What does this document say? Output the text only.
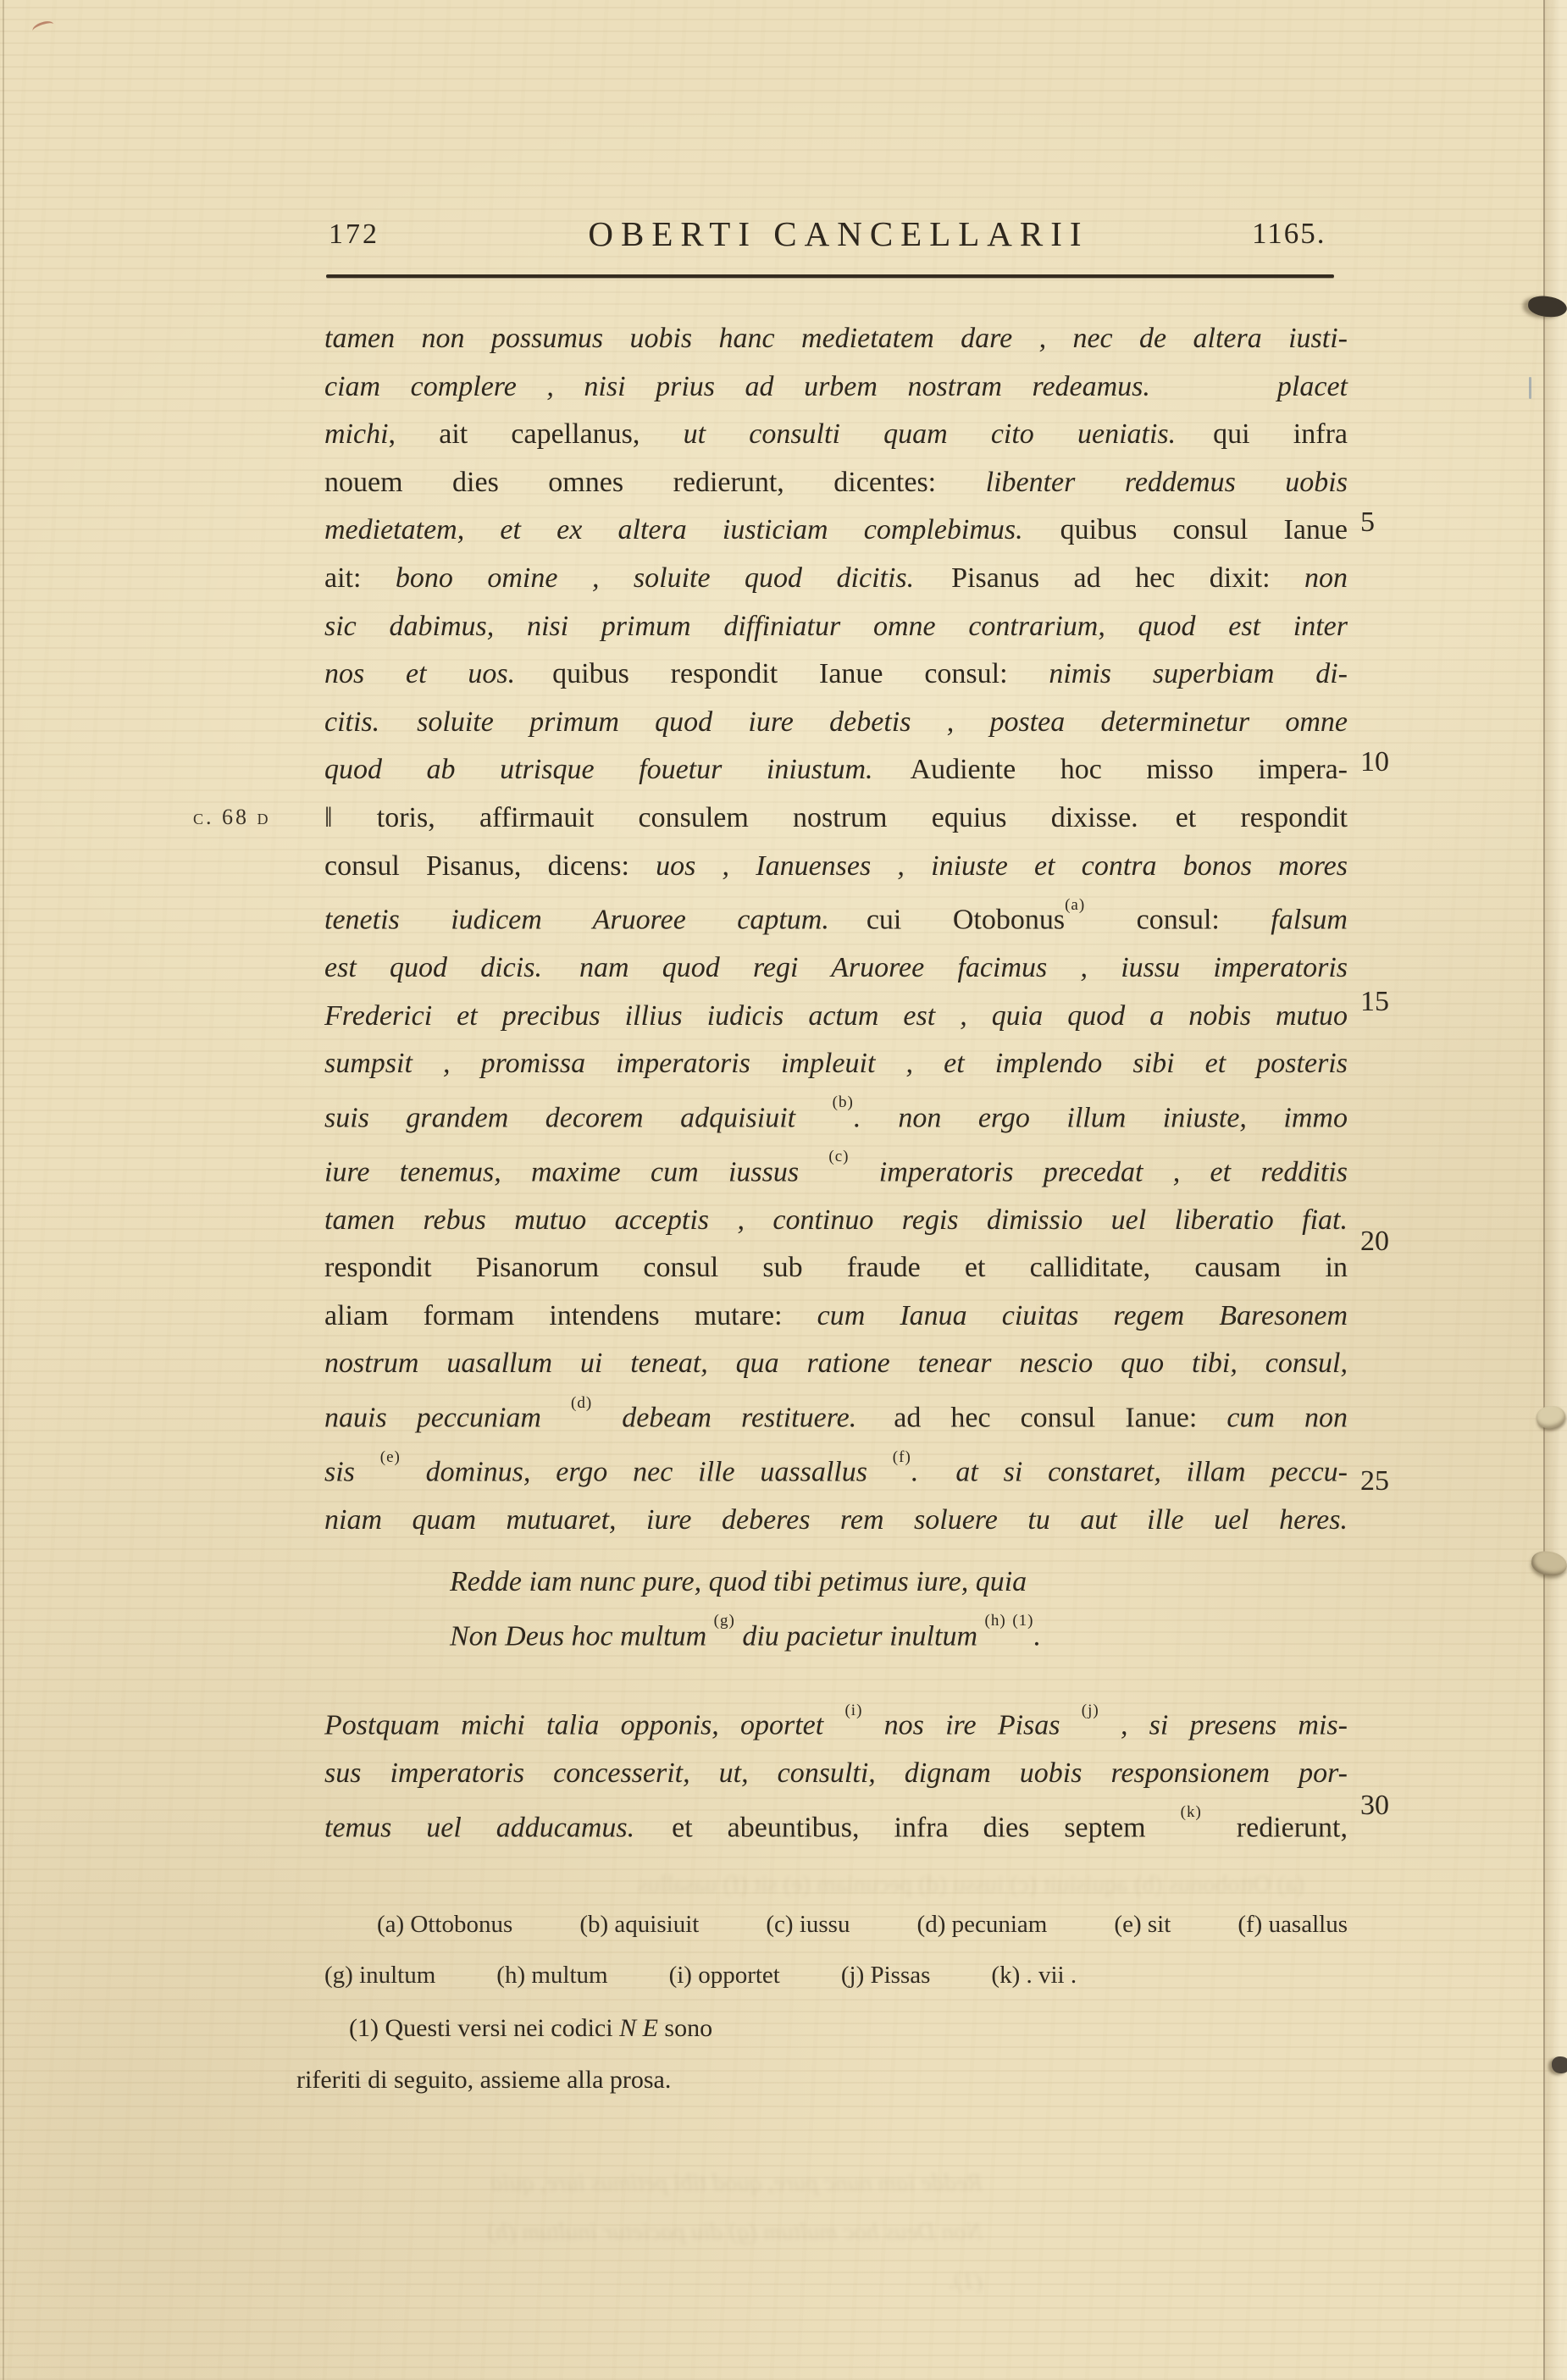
172	OBERTI CANCELLARII	1165.
c. 68 d
5
10
15
20
25
30
tamen non possumus uobis hanc medietatem dare , nec de altera iusti-
ciam complere , nisi prius ad urbem nostram redeamus.	placet
michi, ait capellanus, ut consulti quam cito ueniatis. qui infra
nouem dies omnes redierunt, dicentes: libenter reddemus uobis
medietatem, et ex altera iusticiam complebimus. quibus consul Ianue
ait: bono omine , soluite quod dicitis. Pisanus ad hec dixit: non
sic dabimus, nisi primum diffiniatur omne contrarium, quod est inter
nos et uos. quibus respondit Ianue consul: nimis superbiam di-
citis. soluite primum quod iure debetis , postea determinetur omne
quod ab utrisque fouetur iniustum. Audiente hoc misso impera-
‖ toris, affirmauit consulem nostrum equius dixisse. et respondit
consul Pisanus, dicens: uos , Ianuenses , iniuste et contra bonos mores
tenetis iudicem Aruoree captum. cui Otobonus$^{(a)}$ consul: falsum
est quod dicis. nam quod regi Aruoree facimus , iussu imperatoris
Frederici et precibus illius iudicis actum est , quia quod a nobis mutuo
sumpsit , promissa imperatoris impleuit , et implendo sibi et posteris
suis grandem decorem adquisiuit $^{(b)}$. non ergo illum iniuste, immo
iure tenemus, maxime cum iussus $^{(c)}$ imperatoris precedat , et redditis
tamen rebus mutuo acceptis , continuo regis dimissio uel liberatio fiat.
respondit Pisanorum consul sub fraude et calliditate, causam in
aliam formam intendens mutare: cum Ianua ciuitas regem Baresonem
nostrum uasallum ui teneat, qua ratione tenear nescio quo tibi, consul,
nauis peccuniam $^{(d)}$ debeam restituere. ad hec consul Ianue: cum non
sis $^{(e)}$ dominus, ergo nec ille uassallus $^{(f)}$. at si constaret, illam peccu-
niam quam mutuaret, iure deberes rem soluere tu aut ille uel heres.
Redde iam nunc pure, quod tibi petimus iure, quia
Non Deus hoc multum $^{(g)}$ diu pacietur inultum $^{(h)}$ $^{(1)}$.
Postquam michi talia opponis, oportet $^{(i)}$ nos ire Pisas $^{(j)}$ , si presens mis-
sus imperatoris concesserit, ut, consulti, dignam uobis responsionem por-
temus uel adducamus. et abeuntibus, infra dies septem $^{(k)}$ redierunt,
(a) Ottobonus	(b) aquisiuit	(c) iussu	(d) pecuniam	(e) sit	(f) uasallus
(g) inultum (h) multum (i) opportet (j) Pissas (k) . vii .
(1) Questi versi nei codici N E sono
riferiti di seguito, assieme alla prosa.
(a) Ottobonus (b) aquisiuit (c) iussu (d) pecuniam (e) sit (f) uasallus
Redde iam nunc pure, quod tibi petimus iure, quia
Non Deus hoc multum (g) diu pacietur inultum (h)(1).
